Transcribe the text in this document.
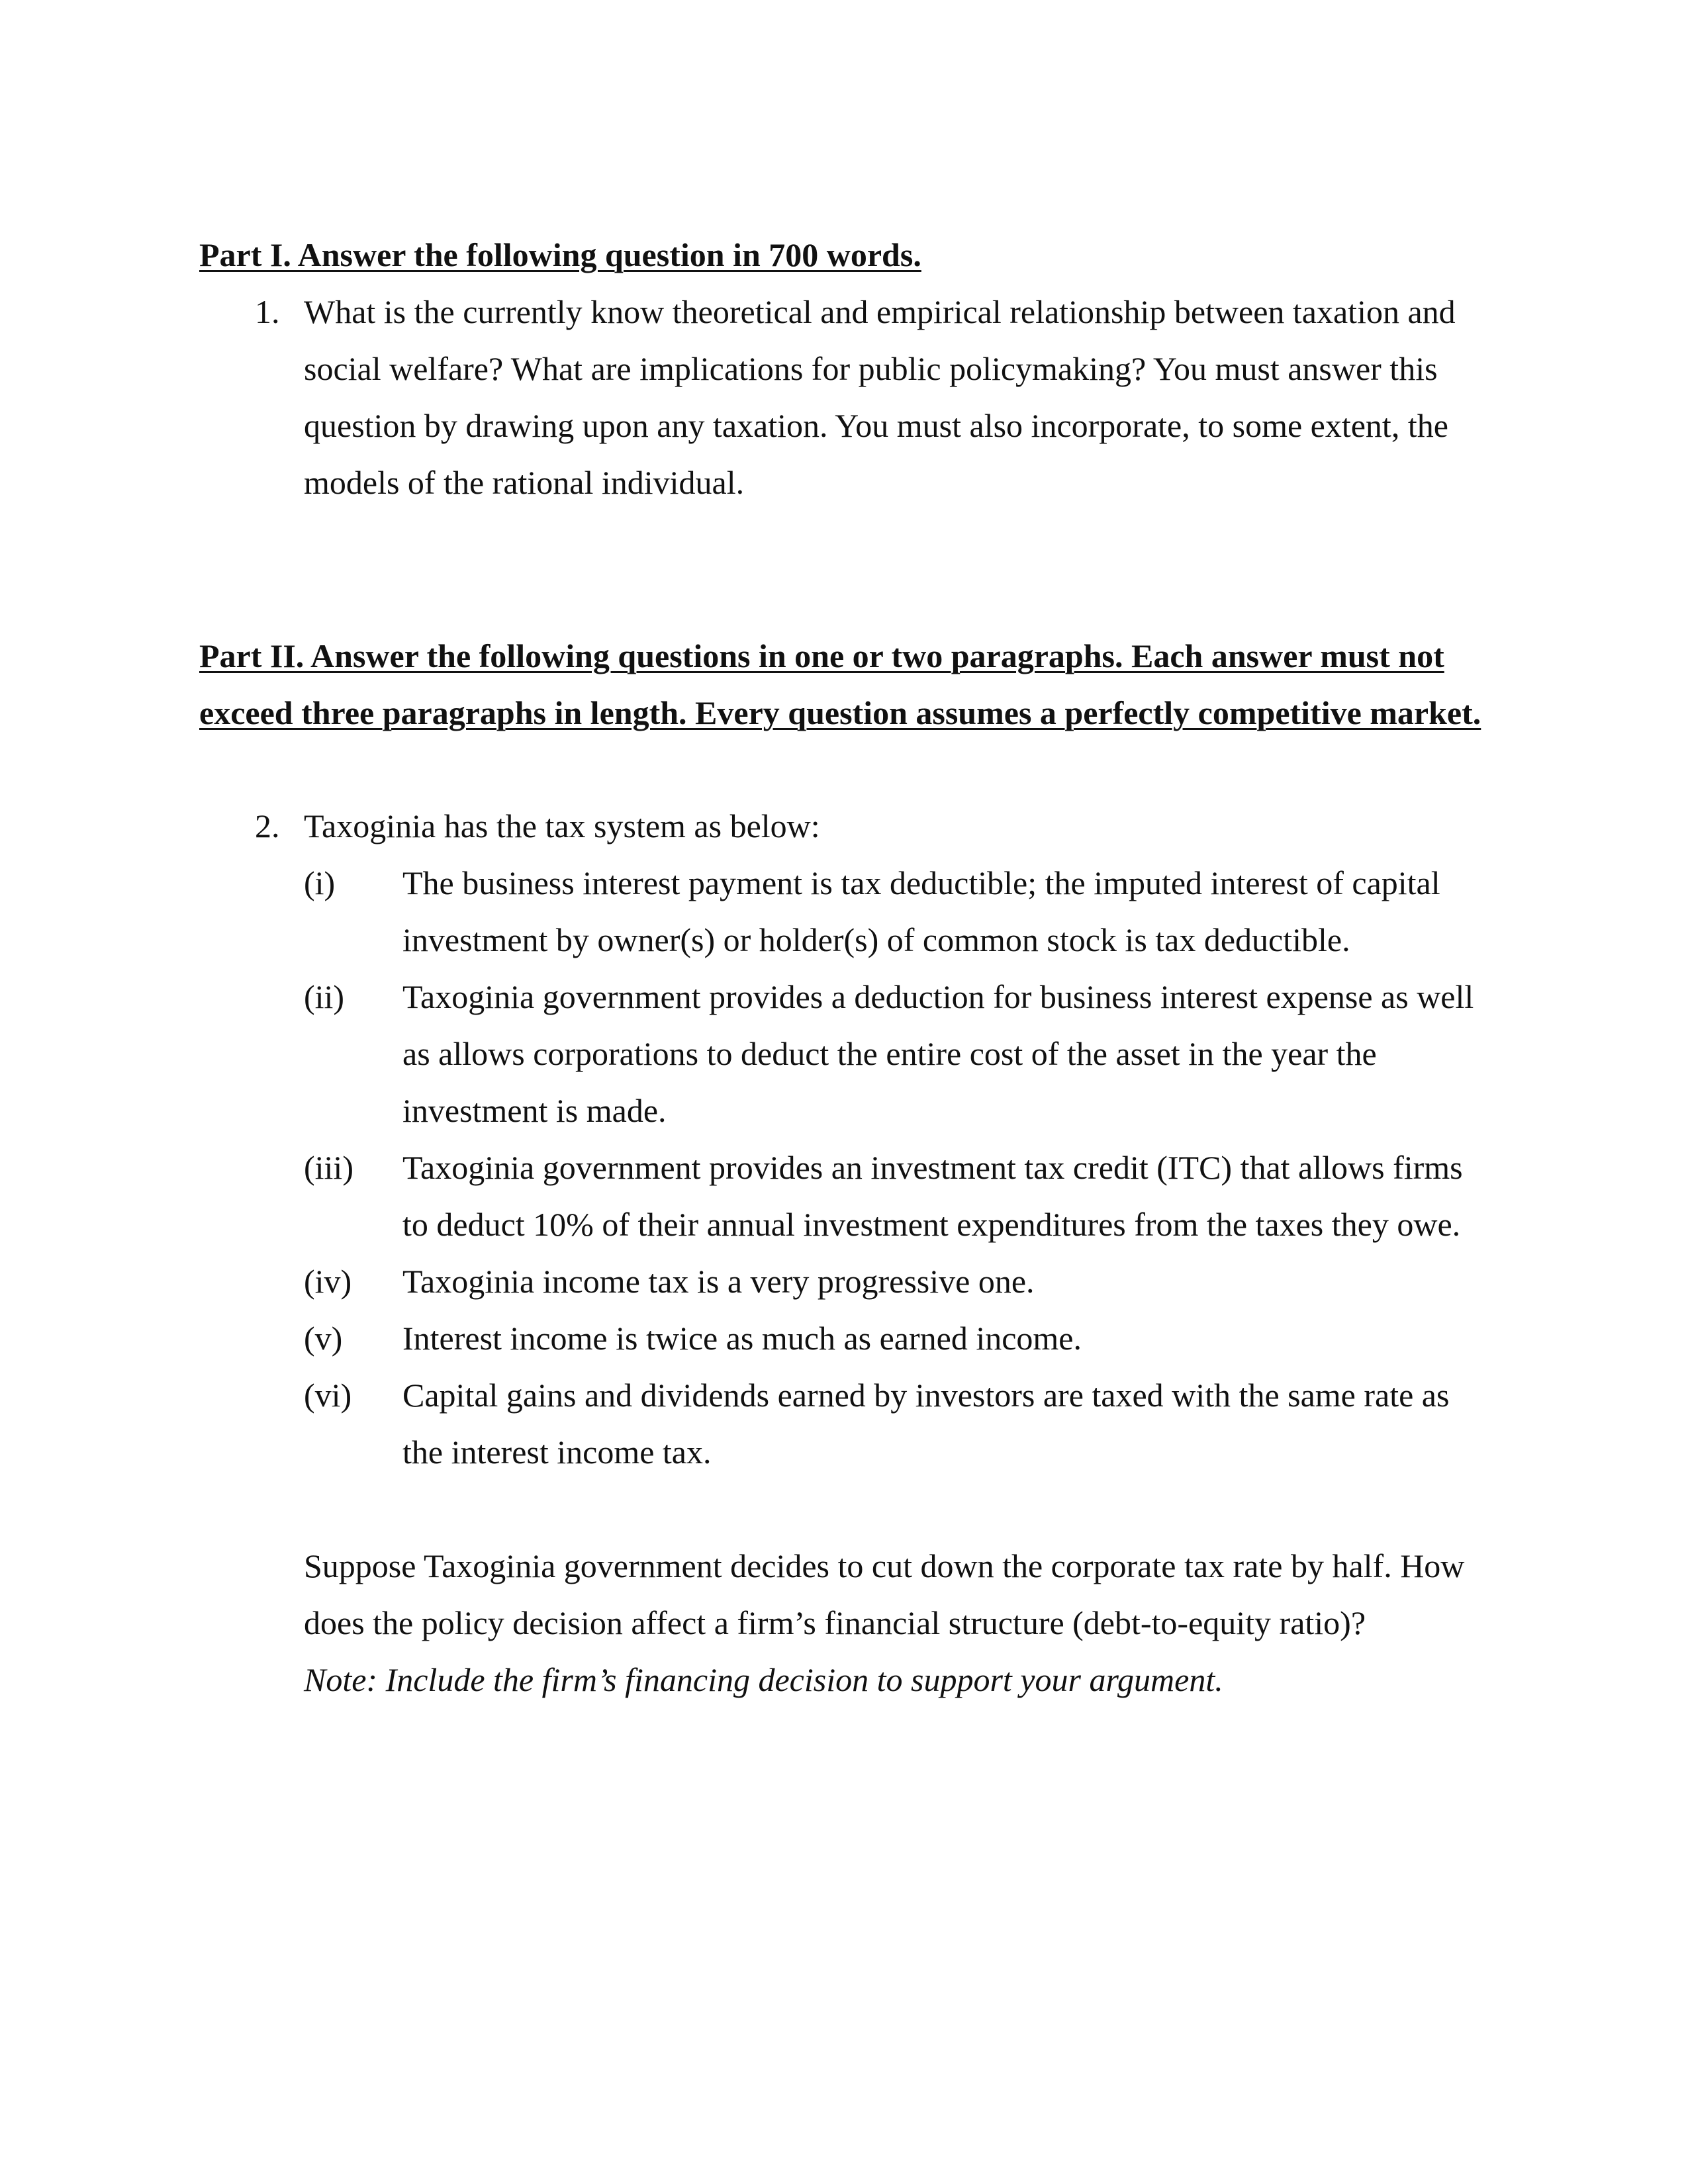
Part I. Answer the following question in 700 words.
1. What is the currently know theoretical and empirical relationship between taxation and
social welfare? What are implications for public policymaking? You must answer this
question by drawing upon any taxation. You must also incorporate, to some extent, the
models of the rational individual.
Part II. Answer the following questions in one or two paragraphs. Each answer must not
exceed three paragraphs in length. Every question assumes a perfectly competitive market.
2. Taxoginia has the tax system as below:
(i)	The business interest payment is tax deductible; the imputed interest of capital
investment by owner(s) or holder(s) of common stock is tax deductible.
(ii)	Taxoginia government provides a deduction for business interest expense as well
as allows corporations to deduct the entire cost of the asset in the year the
investment is made.
(iii)	Taxoginia government provides an investment tax credit (ITC) that allows firms
to deduct 10% of their annual investment expenditures from the taxes they owe.
(iv)	Taxoginia income tax is a very progressive one.
(v)	Interest income is twice as much as earned income.
(vi)	Capital gains and dividends earned by investors are taxed with the same rate as
the interest income tax.
Suppose Taxoginia government decides to cut down the corporate tax rate by half. How
does the policy decision affect a firm’s financial structure (debt-to-equity ratio)?
Note: Include the firm’s financing decision to support your argument.
